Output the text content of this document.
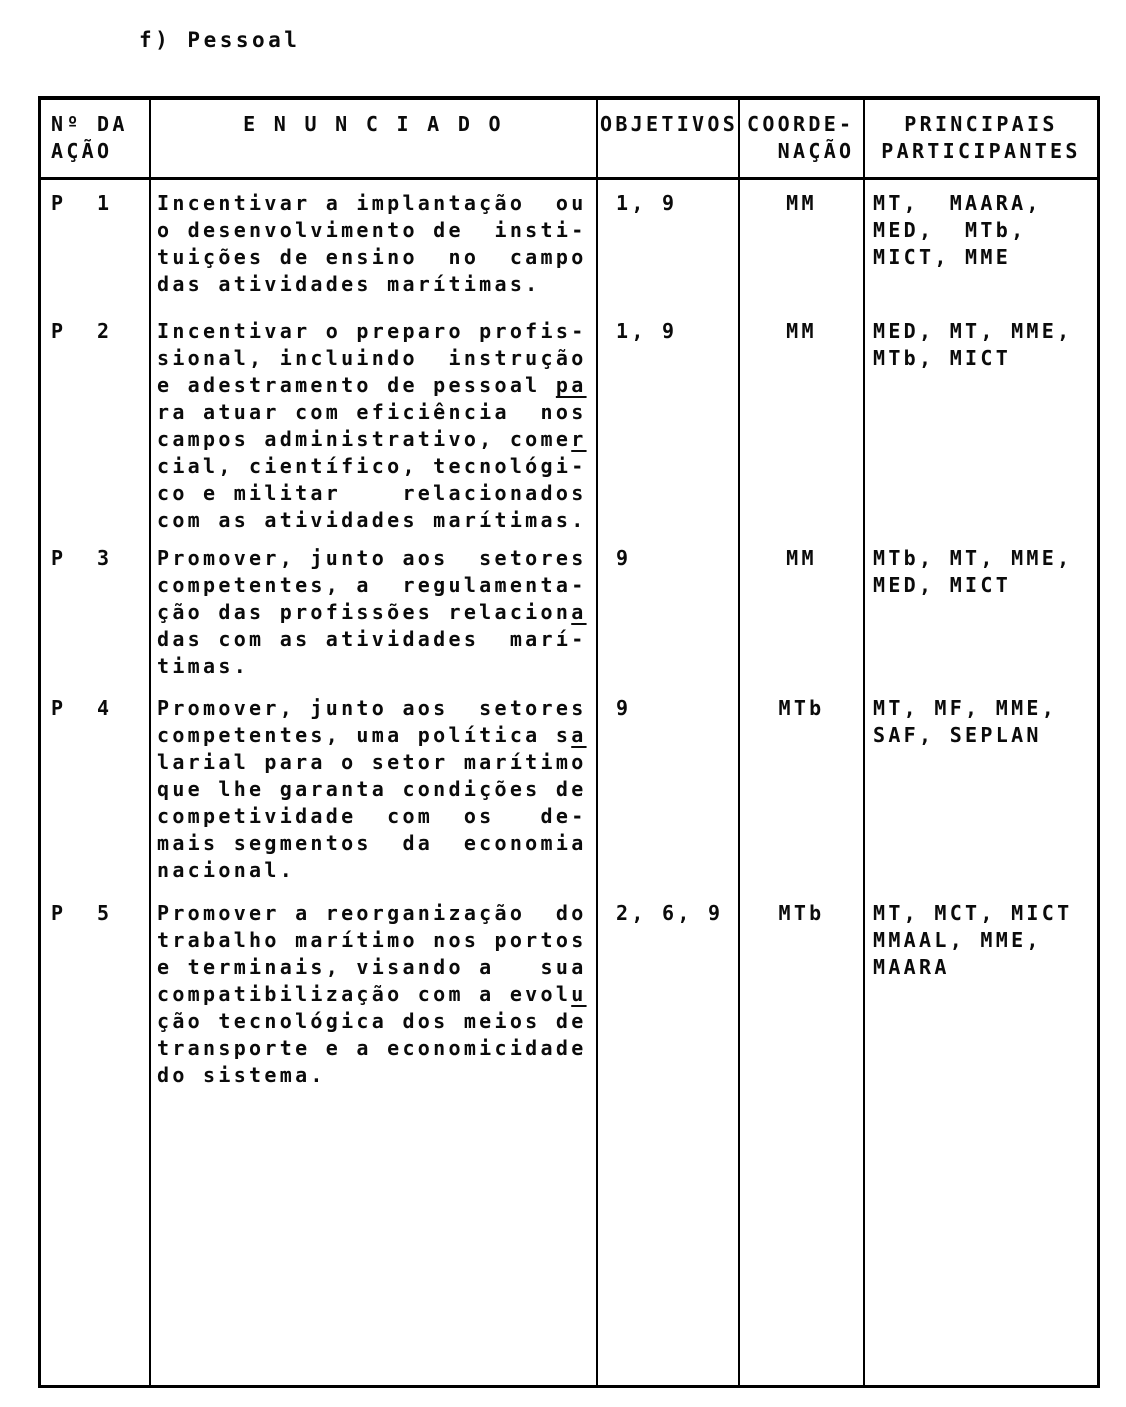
f) Pessoal
Nº DA
AÇÃO
E N U N C I A D O	OBJETIVOS COORDE-
NAÇÃO
PRINCIPAIS
PARTICIPANTES
P  1
P  2
P  3
P  4
P  5
Incentivar a implantação  ou
o desenvolvimento de  insti-
tuições de ensino  no  campo
das atividades marítimas.
Incentivar o preparo profis-
sional, incluindo  instrução
e adestramento de pessoal pa
ra atuar com eficiência  nos
campos administrativo, comer
cial, científico, tecnológi-
co e militar    relacionados
com as atividades marítimas.
Promover, junto aos  setores
competentes, a  regulamenta-
ção das profissões relaciona
das com as atividades  marí-
timas.
Promover, junto aos  setores
competentes, uma política sa
larial para o setor marítimo
que lhe garanta condições de
competividade  com  os   de-
mais segmentos  da  economia
nacional.
Promover a reorganização  do
trabalho marítimo nos portos
e terminais, visando a   sua
compatibilização com a evolu
ção tecnológica dos meios de
transporte e a economicidade
do sistema.
1, 9
1, 9
9
9
2, 6, 9
MM
MM
MM
MTb
MTb
MT,  MAARA,
MED,  MTb,
MICT, MME
MED, MT, MME,
MTb, MICT
MTb, MT, MME,
MED, MICT
MT, MF, MME,
SAF, SEPLAN
MT, MCT, MICT
MMAAL, MME,
MAARA
